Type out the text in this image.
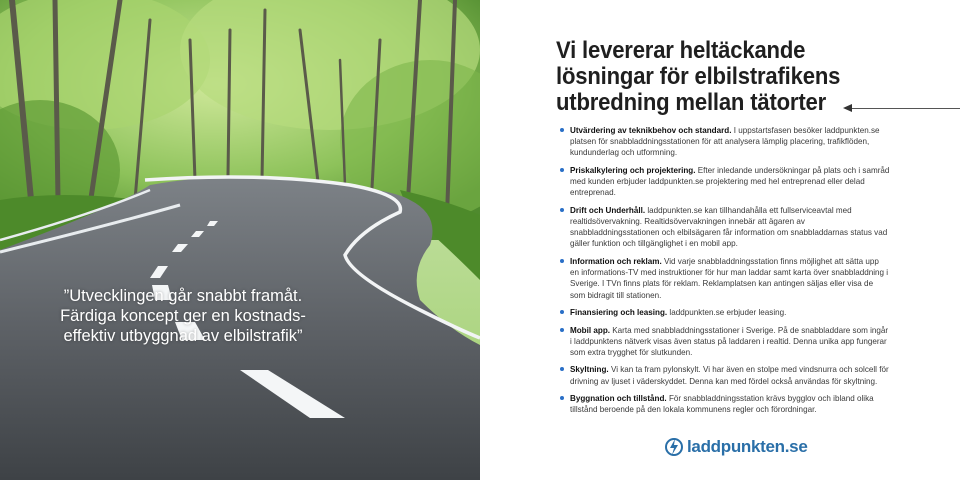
”Utvecklingen går snabbt framåt.
Färdiga koncept ger en kostnads-
effektiv utbyggnad av elbilstrafik”
Vi levererar heltäckande
lösningar för elbilstrafikens
utbredning mellan tätorter
Utvärdering av teknikbehov och standard. I uppstartsfasen besöker laddpunkten.se platsen för snabbladdningsstationen för att analysera lämplig placering, trafikflöden, kundunderlag och utformning.
Priskalkylering och projektering. Efter inledande undersökningar på plats och i samråd med kunden erbjuder laddpunkten.se projektering med hel entreprenad eller delad entreprenad.
Drift och Underhåll. laddpunkten.se kan tillhandahålla ett fullserviceavtal med realtidsövervakning. Realtidsövervakningen innebär att ägaren av snabbladdningsstationen och elbilsägaren får information om snabbladdarnas status vad gäller funktion och tillgänglighet i en mobil app.
Information och reklam. Vid varje snabbladdningsstation finns möjlighet att sätta upp en informations-TV med instruktioner för hur man laddar samt karta över snabbladdning i Sverige. I TVn finns plats för reklam. Reklamplatsen kan antingen säljas eller visa de som bidragit till stationen.
Finansiering och leasing. laddpunkten.se erbjuder leasing.
Mobil app. Karta med snabbladdningsstationer i Sverige. På de snabbladdare som ingår i laddpunktens nätverk visas även status på laddaren i realtid. Denna unika app fungerar som extra trygghet för slutkunden.
Skyltning. Vi kan ta fram pylonskylt. Vi har även en stolpe med vindsnurra och solcell för drivning av ljuset i väderskyddet. Denna kan med fördel också användas för skyltning.
Byggnation och tillstånd. För snabbladdningsstation krävs bygglov och ibland olika tillstånd beroende på den lokala kommunens regler och förordningar.
laddpunkten.se
